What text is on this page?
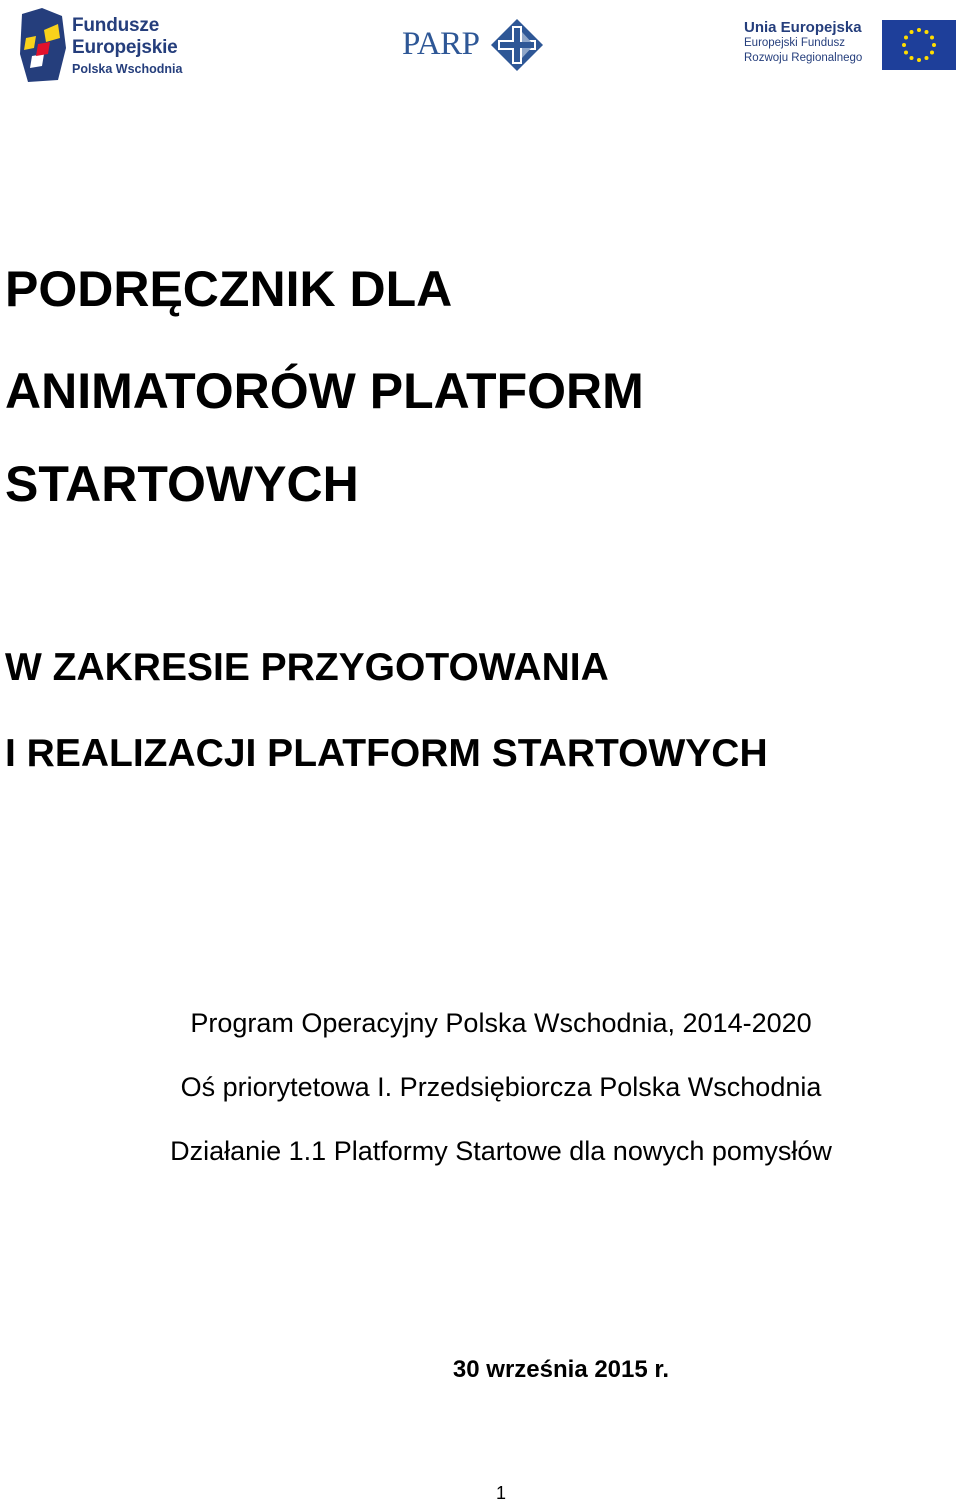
Fundusze
Europejskie
Polska Wschodnia
PARP	Unia Europejska
Europejski Fundusz
Rozwoju Regionalnego
PODRĘCZNIK DLA
ANIMATORÓW PLATFORM
STARTOWYCH
W ZAKRESIE PRZYGOTOWANIA
I REALIZACJI PLATFORM STARTOWYCH

Program Operacyjny Polska Wschodnia, 2014-2020

Oś priorytetowa I. Przedsiębiorcza Polska Wschodnia

Działanie 1.1 Platformy Startowe dla nowych pomysłów

30 września 2015 r.

1
